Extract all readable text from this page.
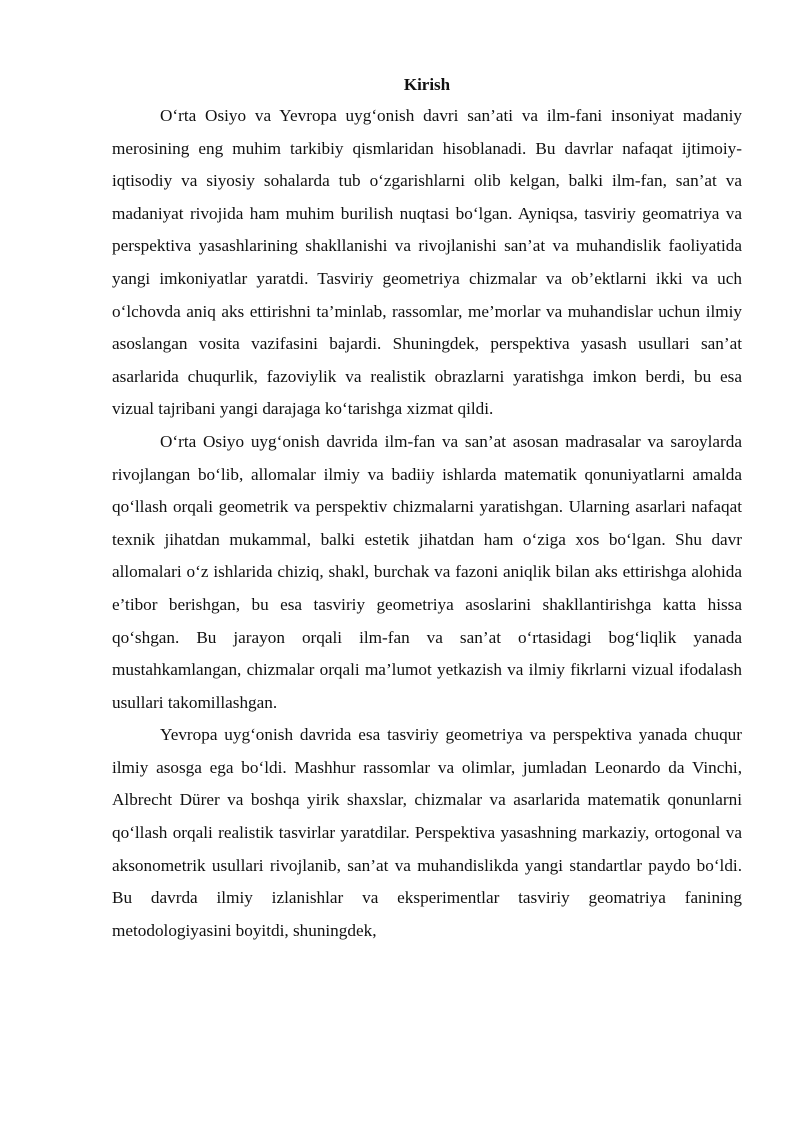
Kirish

O‘rta Osiyo va Yevropa uyg‘onish davri san’ati va ilm-fani insoniyat madaniy merosining eng muhim tarkibiy qismlaridan hisoblanadi. Bu davrlar nafaqat ijtimoiy-iqtisodiy va siyosiy sohalarda tub o‘zgarishlarni olib kelgan, balki ilm-fan, san’at va madaniyat rivojida ham muhim burilish nuqtasi bo‘lgan. Ayniqsa, tasviriy geomatriya va perspektiva yasashlarining shakllanishi va rivojlanishi san’at va muhandislik faoliyatida yangi imkoniyatlar yaratdi. Tasviriy geometriya chizmalar va ob’ektlarni ikki va uch o‘lchovda aniq aks ettirishni ta’minlab, rassomlar, me’morlar va muhandislar uchun ilmiy asoslangan vosita vazifasini bajardi. Shuningdek, perspektiva yasash usullari san’at asarlarida chuqurlik, fazoviylik va realistik obrazlarni yaratishga imkon berdi, bu esa vizual tajribani yangi darajaga ko‘tarishga xizmat qildi.

O‘rta Osiyo uyg‘onish davrida ilm-fan va san’at asosan madrasalar va saroylarda rivojlangan bo‘lib, allomalar ilmiy va badiiy ishlarda matematik qonuniyatlarni amalda qo‘llash orqali geometrik va perspektiv chizmalarni yaratishgan. Ularning asarlari nafaqat texnik jihatdan mukammal, balki estetik jihatdan ham o‘ziga xos bo‘lgan. Shu davr allomalari o‘z ishlarida chiziq, shakl, burchak va fazoni aniqlik bilan aks ettirishga alohida e’tibor berishgan, bu esa tasviriy geometriya asoslarini shakllantirishga katta hissa qo‘shgan. Bu jarayon orqali ilm-fan va san’at o‘rtasidagi bog‘liqlik yanada mustahkamlangan, chizmalar orqali ma’lumot yetkazish va ilmiy fikrlarni vizual ifodalash usullari takomillashgan.

Yevropa uyg‘onish davrida esa tasviriy geometriya va perspektiva yanada chuqur ilmiy asosga ega bo‘ldi. Mashhur rassomlar va olimlar, jumladan Leonardo da Vinchi, Albrecht Dürer va boshqa yirik shaxslar, chizmalar va asarlarida matematik qonunlarni qo‘llash orqali realistik tasvirlar yaratdilar. Perspektiva yasashning markaziy, ortogonal va aksonometrik usullari rivojlanib, san’at va muhandislikda yangi standartlar paydo bo‘ldi. Bu davrda ilmiy izlanishlar va eksperimentlar tasviriy geomatriya fanining metodologiyasini boyitdi, shuningdek,
